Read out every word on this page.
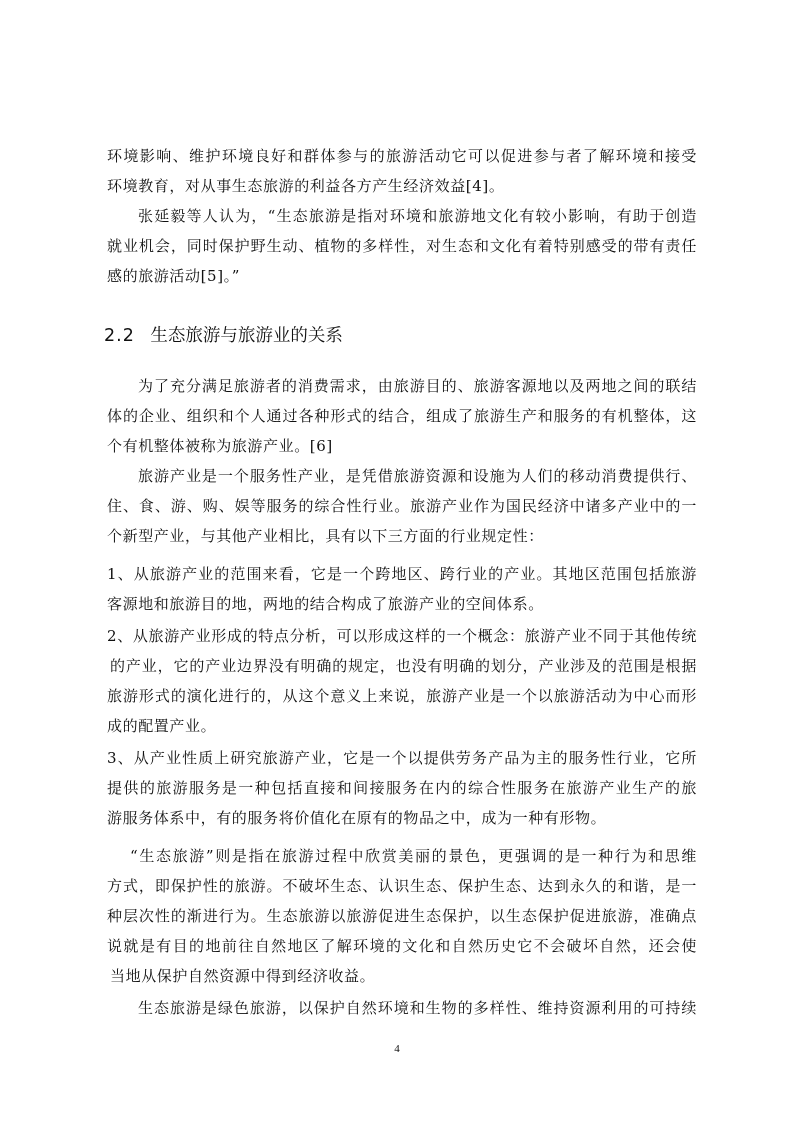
环境影响、维护环境良好和群体参与的旅游活动它可以促进参与者了解环境和接受
环境教育，对从事生态旅游的利益各方产生经济效益[4]。
张延毅等人认为，“生态旅游是指对环境和旅游地文化有较小影响，有助于创造
就业机会，同时保护野生动、植物的多样性，对生态和文化有着特别感受的带有责任
感的旅游活动[5]。”
2.2 生态旅游与旅游业的关系
为了充分满足旅游者的消费需求，由旅游目的、旅游客源地以及两地之间的联结
体的企业、组织和个人通过各种形式的结合，组成了旅游生产和服务的有机整体，这
个有机整体被称为旅游产业。[6]
旅游产业是一个服务性产业，是凭借旅游资源和设施为人们的移动消费提供行、
住、食、游、购、娱等服务的综合性行业。旅游产业作为国民经济中诸多产业中的一
个新型产业，与其他产业相比，具有以下三方面的行业规定性：
1、从旅游产业的范围来看，它是一个跨地区、跨行业的产业。其地区范围包括旅游
客源地和旅游目的地，两地的结合构成了旅游产业的空间体系。
2、从旅游产业形成的特点分析，可以形成这样的一个概念：旅游产业不同于其他传统
的产业，它的产业边界没有明确的规定，也没有明确的划分，产业涉及的范围是根据
旅游形式的演化进行的，从这个意义上来说，旅游产业是一个以旅游活动为中心而形
成的配置产业。
3、从产业性质上研究旅游产业，它是一个以提供劳务产品为主的服务性行业，它所
提供的旅游服务是一种包括直接和间接服务在内的综合性服务在旅游产业生产的旅
游服务体系中，有的服务将价值化在原有的物品之中，成为一种有形物。
“生态旅游”则是指在旅游过程中欣赏美丽的景色，更强调的是一种行为和思维
方式，即保护性的旅游。不破坏生态、认识生态、保护生态、达到永久的和谐，是一
种层次性的渐进行为。生态旅游以旅游促进生态保护，以生态保护促进旅游，准确点
说就是有目的地前往自然地区了解环境的文化和自然历史它不会破坏自然，还会使
当地从保护自然资源中得到经济收益。
生态旅游是绿色旅游，以保护自然环境和生物的多样性、维持资源利用的可持续
4
